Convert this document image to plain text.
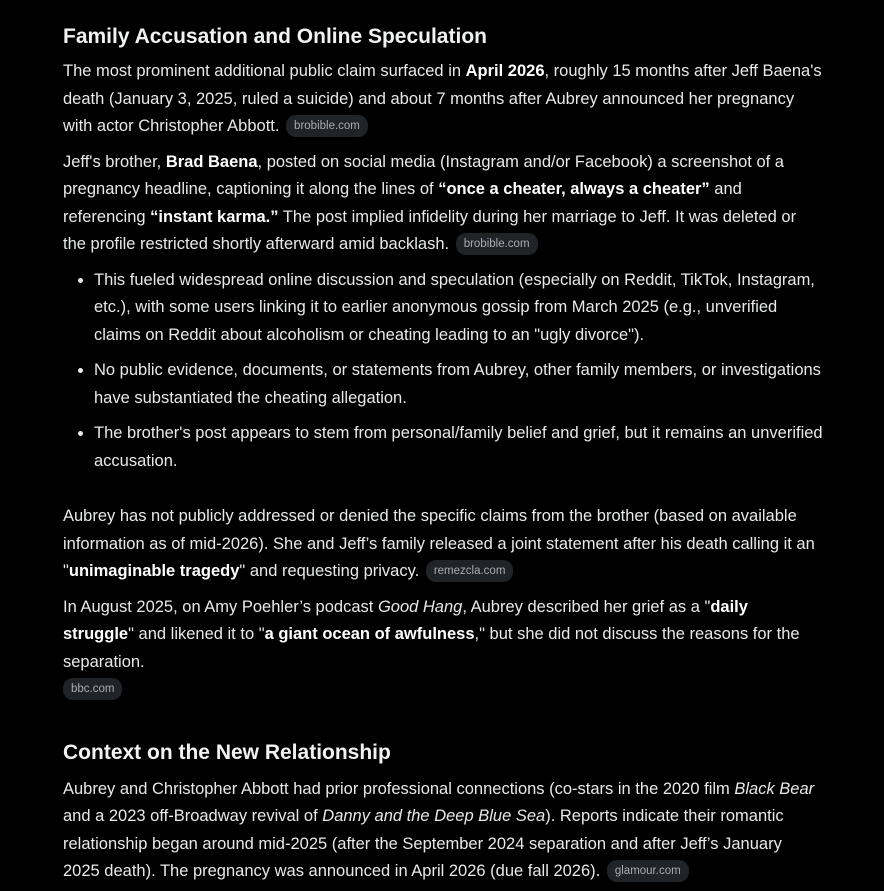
Family Accusation and Online Speculation

The most prominent additional public claim surfaced in April 2026, roughly 15 months after Jeff Baena's death (January 3, 2025, ruled a suicide) and about 7 months after Aubrey announced her pregnancy with actor Christopher Abbott. brobible.com

Jeff's brother, Brad Baena, posted on social media (Instagram and/or Facebook) a screenshot of a pregnancy headline, captioning it along the lines of “once a cheater, always a cheater” and referencing “instant karma.” The post implied infidelity during her marriage to Jeff. It was deleted or the profile restricted shortly afterward amid backlash. brobible.com

• This fueled widespread online discussion and speculation (especially on Reddit, TikTok, Instagram, etc.), with some users linking it to earlier anonymous gossip from March 2025 (e.g., unverified claims on Reddit about alcoholism or cheating leading to an "ugly divorce").
• No public evidence, documents, or statements from Aubrey, other family members, or investigations have substantiated the cheating allegation.
• The brother's post appears to stem from personal/family belief and grief, but it remains an unverified accusation.

Aubrey has not publicly addressed or denied the specific claims from the brother (based on available information as of mid-2026). She and Jeff’s family released a joint statement after his death calling it an "unimaginable tragedy" and requesting privacy. remezcla.com

In August 2025, on Amy Poehler’s podcast Good Hang, Aubrey described her grief as a "daily struggle" and likened it to "a giant ocean of awfulness," but she did not discuss the reasons for the separation.
bbc.com

Context on the New Relationship

Aubrey and Christopher Abbott had prior professional connections (co-stars in the 2020 film Black Bear and a 2023 off-Broadway revival of Danny and the Deep Blue Sea). Reports indicate their romantic relationship began around mid-2025 (after the September 2024 separation and after Jeff’s January 2025 death). The pregnancy was announced in April 2026 (due fall 2026). glamour.com
